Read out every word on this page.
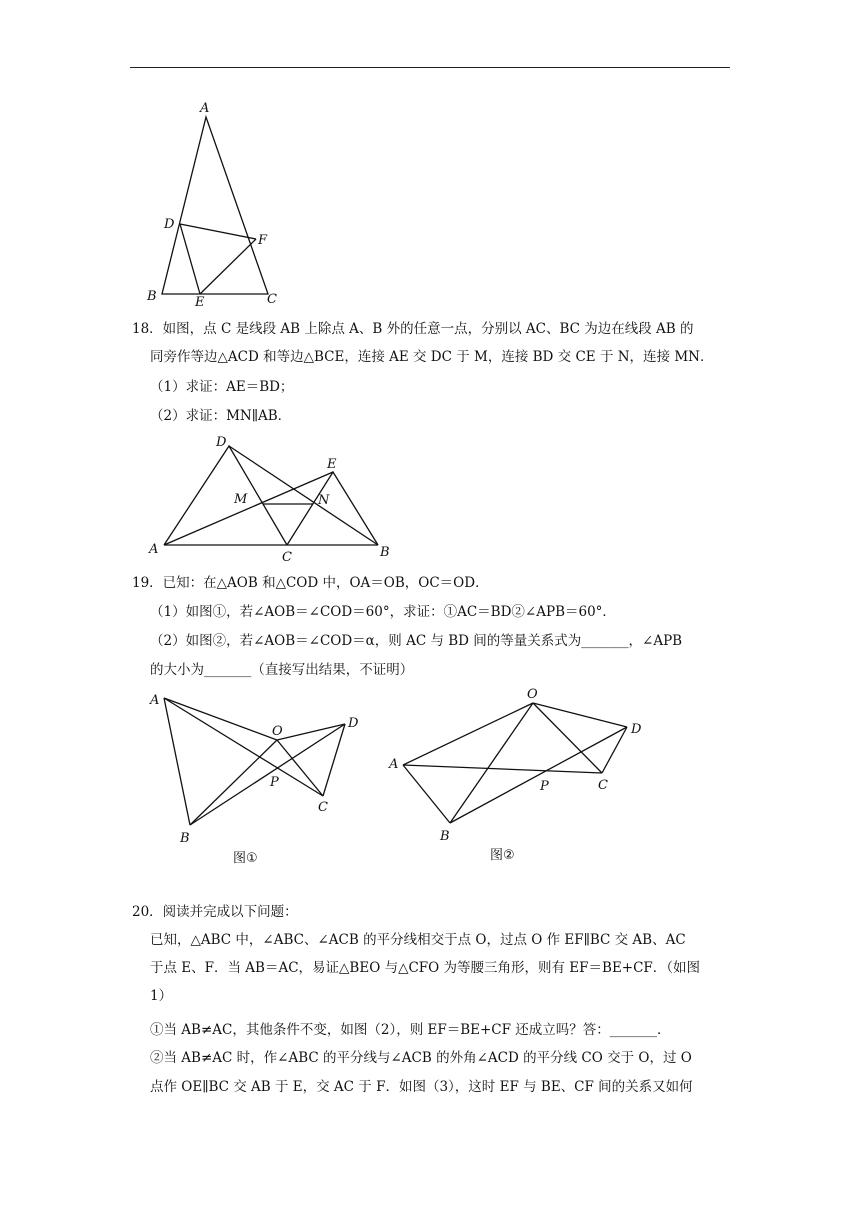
A
B	C
D
E
F
18．如图，点 C 是线段 AB 上除点 A、B 外的任意一点，分别以 AC、BC 为边在线段 AB 的
同旁作等边△ACD 和等边△BCE，连接 AE 交 DC 于 M，连接 BD 交 CE 于 N，连接 MN．
（1）求证：AE＝BD；
（2）求证：MN∥AB．
D
E
M	N
A
C	B
19．已知：在△AOB 和△COD 中，OA＝OB，OC＝OD．
（1）如图①，若∠AOB＝∠COD＝60°，求证：①AC＝BD②∠APB＝60°．
（2）如图②，若∠AOB＝∠COD＝α，则 AC 与 BD 间的等量关系式为_______，∠APB
的大小为_______（直接写出结果，不证明）
A
O
D
P
C
B
图①
O
D
A
P	C
B
图②
20．阅读并完成以下问题：
已知，△ABC 中，∠ABC、∠ACB 的平分线相交于点 O，过点 O 作 EF∥BC 交 AB、AC
于点 E、F．当 AB＝AC，易证△BEO 与△CFO 为等腰三角形，则有 EF＝BE+CF．（如图
1）
①当 AB≠AC，其他条件不变，如图（2），则 EF＝BE+CF 还成立吗？答：_______．
②当 AB≠AC 时，作∠ABC 的平分线与∠ACB 的外角∠ACD 的平分线 CO 交于 O，过 O
点作 OE∥BC 交 AB 于 E，交 AC 于 F．如图（3），这时 EF 与 BE、CF 间的关系又如何
